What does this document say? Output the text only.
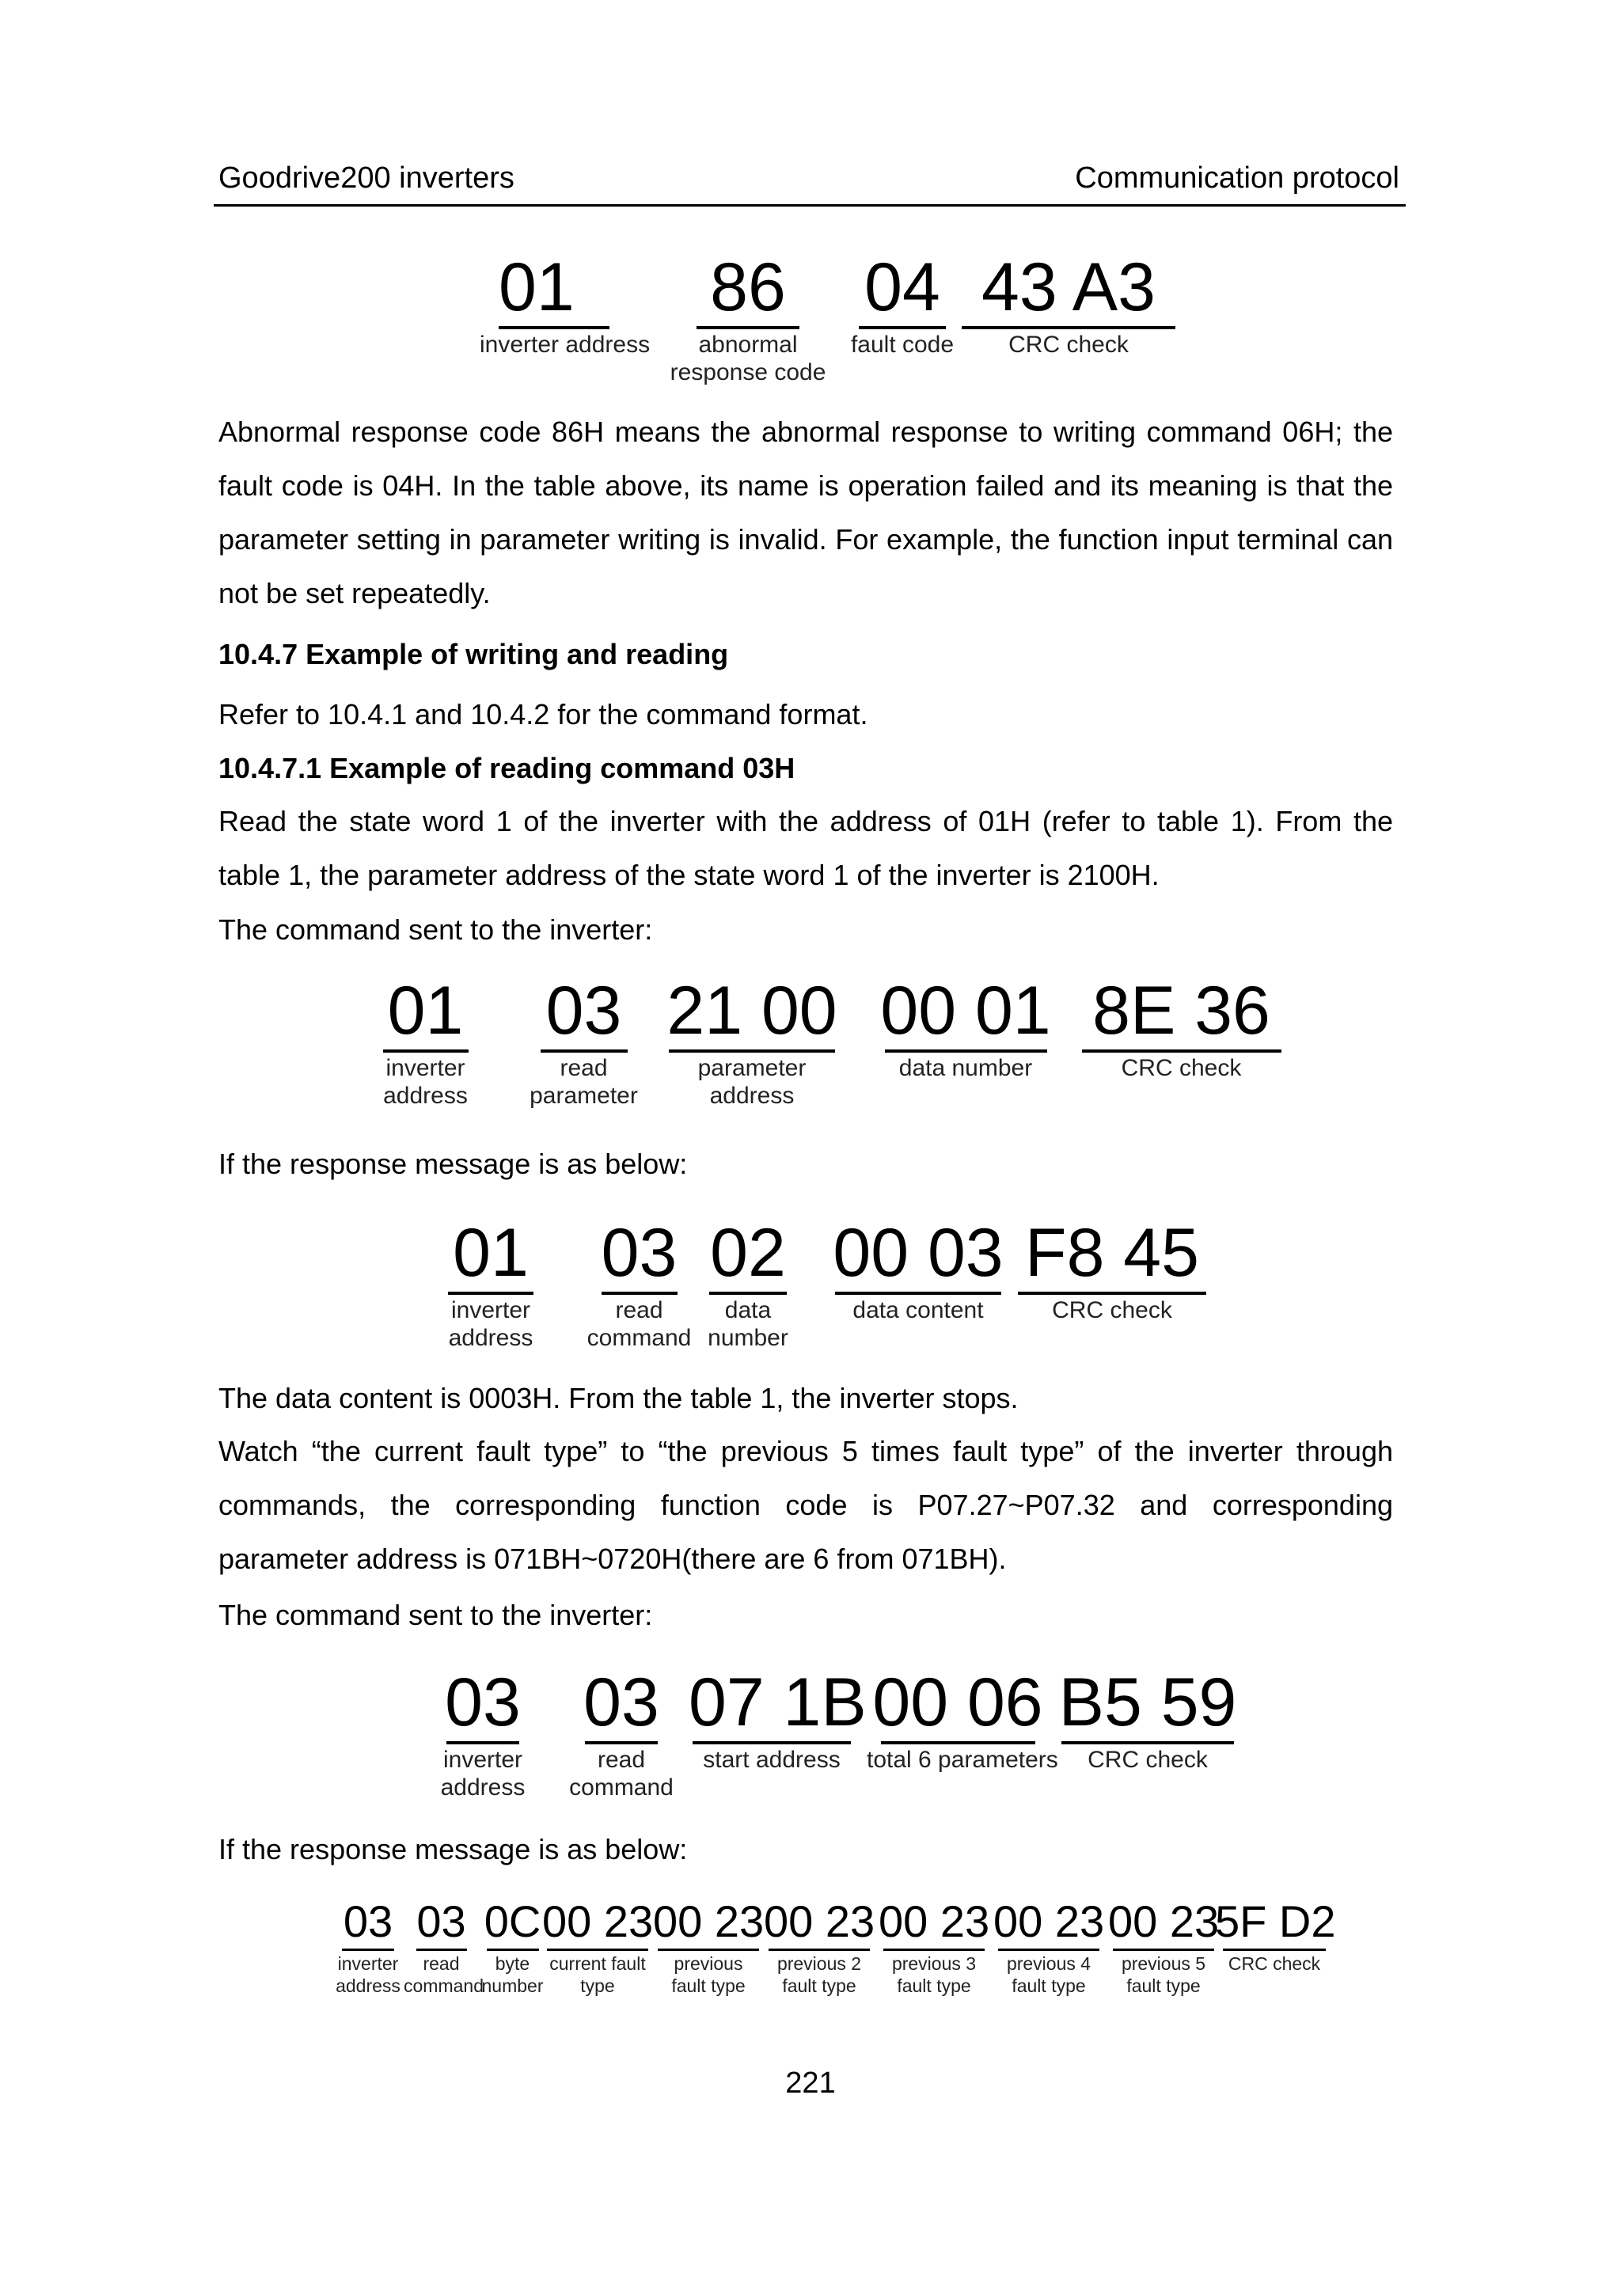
Goodrive200 inverters	Communication protocol
01
inverter address
86
abnormal
response code
04
fault code
43 A3
CRC check
Abnormal response code 86H means the abnormal response to writing command 06H; the fault code is 04H. In the table above, its name is operation failed and its meaning is that the parameter setting in parameter writing is invalid. For example, the function input terminal can not be set repeatedly.
10.4.7 Example of writing and reading
Refer to 10.4.1 and 10.4.2 for the command format.
10.4.7.1 Example of reading command 03H
Read the state word 1 of the inverter with the address of 01H (refer to table 1). From the table 1, the parameter address of the state word 1 of the inverter is 2100H.
The command sent to the inverter:
01
inverter
address
03
read
parameter
21 00
parameter
address
00 01
data number
8E 36
CRC check
If the response message is as below:
01
inverter
address
03
read
command
02
data
number
00 03
data content
F8 45
CRC check
The data content is 0003H. From the table 1, the inverter stops.
Watch “the current fault type” to “the previous 5 times fault type” of the inverter through commands, the corresponding function code is P07.27~P07.32 and corresponding parameter address is 071BH~0720H(there are 6 from 071BH).
The command sent to the inverter:
03
inverter
address
03
read
command
07 1B
start address
00 06
total 6 parameters
B5 59
CRC check
If the response message is as below:
03
inverter
address
03
read
command
0C
byte
number
00 23
current fault
type
00 23
previous
fault type
00 23
previous 2
fault type
00 23
previous 3
fault type
00 23
previous 4
fault type
00 23
previous 5
fault type
5F D2
CRC check
221
